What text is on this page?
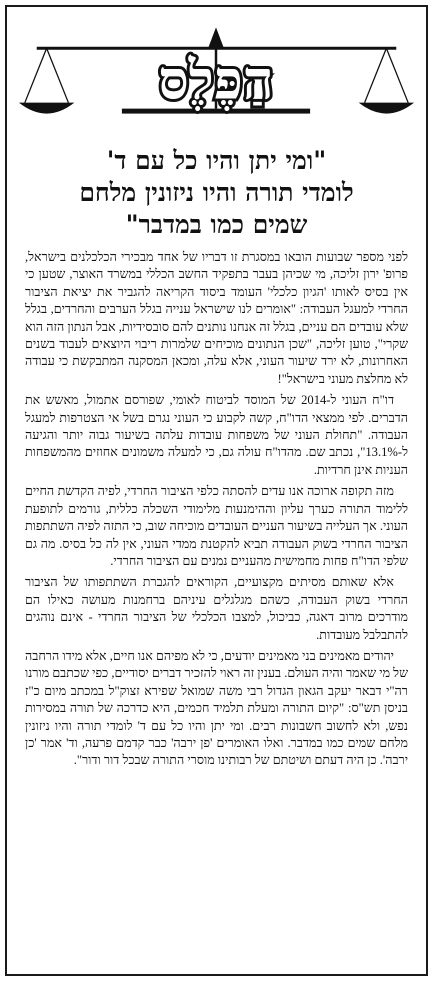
הַפֶּלֶס
"ומי יתן והיו כל עם ד'
לומדי תורה והיו ניזונין מלחם
שמים כמו במדבר"

לפני מספר שבועות הובאו במסגרת זו דבריו של אחד מבכירי הכלכלנים בישראל, פרופ' ירון זליכה, מי שכיהן בעבר בתפקיד החשב הכללי במשרד האוצר, שטען כי אין בסיס לאותו 'הגיון כלכלי' העומד ביסוד הקריאה להגביר את יציאת הציבור החרדי למעגל העבודה: "אומרים לנו שישראל ענייה בגלל הערבים והחרדים, בגלל שלא עובדים הם עניים, בגלל זה אנחנו נותנים להם סובסידיות, אבל הנתון הזה הוא שקרי", טוען זליכה, "שכן הנתונים מוכיחים שלמרות ריבוי היוצאים לעבוד בשנים האחרונות, לא ירד שיעור העוני, אלא עלה, ומכאן המסקנה המתבקשת כי עבודה לא מחלצת מעוני בישראל"!

דו"ח העוני ל-2014 של המוסד לביטוח לאומי, שפורסם אתמול, מאשש את הדברים. לפי ממצאי הדו"ח, קשה לקבוע כי העוני נגרם בשל אי הצטרפות למעגל העבודה. "תחולת העוני של משפחות עובדות עלתה בשיעור גבוה יותר והגיעה ל-13.1%", נכתב שם. מהדו"ח עולה גם, כי למעלה משמונים אחוזים מהמשפחות העניות אינן חרדיות.

מזה תקופה ארוכה אנו עדים להסתה כלפי הציבור החרדי, לפיה הקדשת החיים ללימוד התורה כערך עליון וההימנעות מלימודי השכלה כללית, גורמים לתופעת העוני. אך העלייה בשיעור העניים העובדים מוכיחה שוב, כי התזה לפיה השתתפות הציבור החרדי בשוק העבודה תביא להקטנת ממדי העוני, אין לה כל בסיס. מה גם שלפי הדו"ח פחות מחמישית מהעניים נמנים עם הציבור החרדי.

אלא שאותם מסיתים מקצועיים, הקוראים להגברת השתתפותו של הציבור החרדי בשוק העבודה, כשהם מגלגלים עיניהם ברחמנות מעושה כאילו הם מודרכים מרוב דאגה, כביכול, למצבו הכלכלי של הציבור החרדי - אינם נוהגים להתבלבל מעובדות.

יהודים מאמינים בני מאמינים יודעים, כי לא מפיהם אנו חיים, אלא מידו הרחבה של מי שאמר והיה העולם. בענין זה ראוי להזכיר דברים יסודיים, כפי שכתבם מורנו רה"י דבאר יעקב הגאון הגדול רבי משה שמואל שפירא זצוק"ל במכתב מיום כ"ז בניסן תש"ס: "קיום התורה ומעלת תלמיד חכמים, היא כדרכה של תורה במסירות נפש, ולא לחשוב חשבונות רבים. ומי יתן והיו כל עם ד' לומדי תורה והיו ניזונין מלחם שמים כמו במדבר. ואלו האומרים 'פן ירבה' כבר קדמם פרעה, וד' אמר 'כן ירבה'. כן היה דעתם ושיטתם של רבותינו מוסרי התורה שבכל דור ודור".
